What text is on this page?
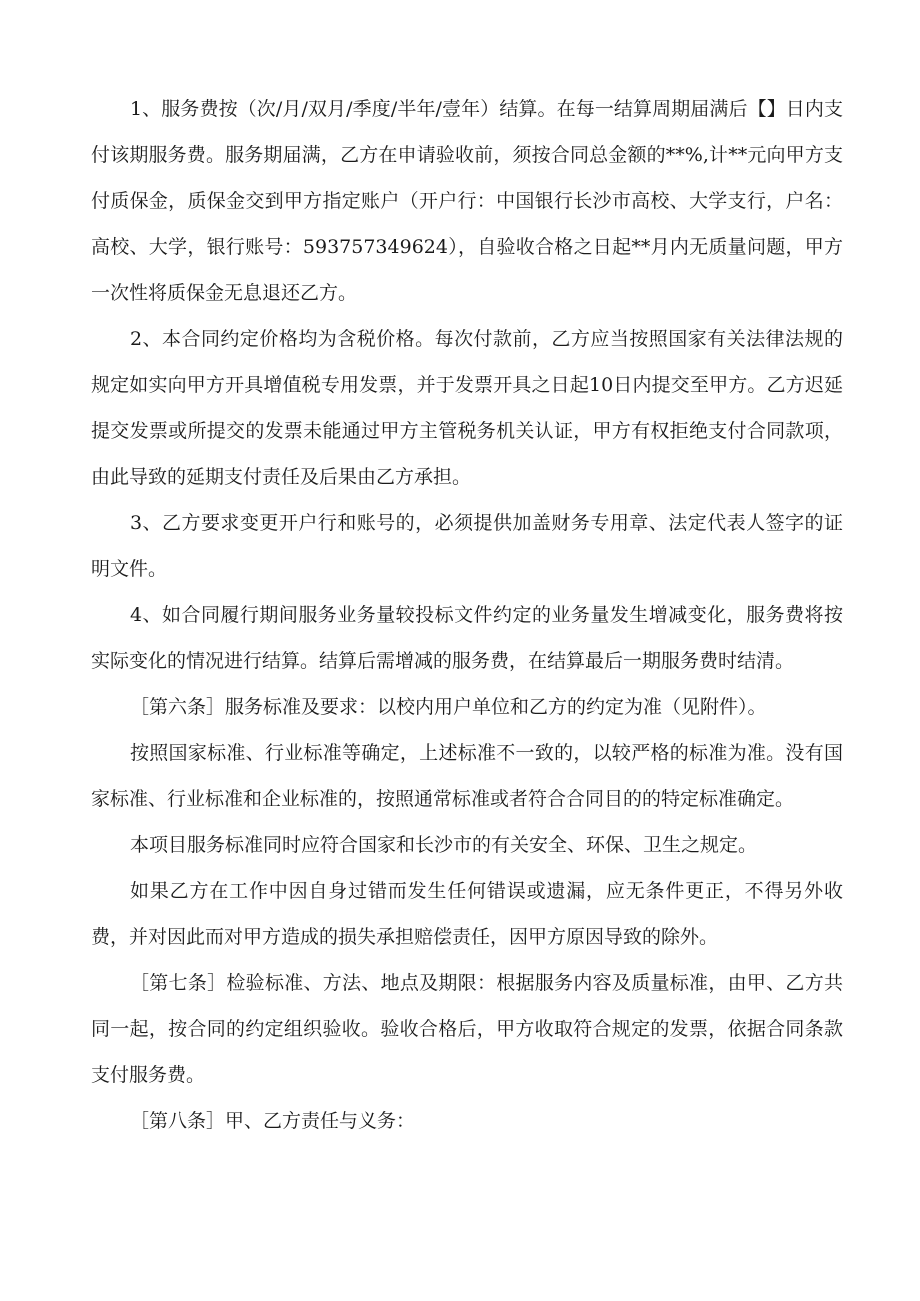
1、服务费按（次/月/双月/季度/半年/壹年）结算。在每一结算周期届满后【】日内支付该期服务费。服务期届满，乙方在申请验收前，须按合同总金额的**%,计**元向甲方支付质保金，质保金交到甲方指定账户（开户行：中国银行长沙市高校、大学支行，户名：高校、大学，银行账号：593757349624），自验收合格之日起**月内无质量问题，甲方一次性将质保金无息退还乙方。

2、本合同约定价格均为含税价格。每次付款前，乙方应当按照国家有关法律法规的规定如实向甲方开具增值税专用发票，并于发票开具之日起10日内提交至甲方。乙方迟延提交发票或所提交的发票未能通过甲方主管税务机关认证，甲方有权拒绝支付合同款项，由此导致的延期支付责任及后果由乙方承担。

3、乙方要求变更开户行和账号的，必须提供加盖财务专用章、法定代表人签字的证明文件。

4、如合同履行期间服务业务量较投标文件约定的业务量发生增减变化，服务费将按实际变化的情况进行结算。结算后需增减的服务费，在结算最后一期服务费时结清。

［第六条］服务标准及要求：以校内用户单位和乙方的约定为准（见附件）。

按照国家标准、行业标准等确定，上述标准不一致的，以较严格的标准为准。没有国家标准、行业标准和企业标准的，按照通常标准或者符合合同目的的特定标准确定。

本项目服务标准同时应符合国家和长沙市的有关安全、环保、卫生之规定。

如果乙方在工作中因自身过错而发生任何错误或遗漏，应无条件更正，不得另外收费，并对因此而对甲方造成的损失承担赔偿责任，因甲方原因导致的除外。

［第七条］检验标准、方法、地点及期限：根据服务内容及质量标准，由甲、乙方共同一起，按合同的约定组织验收。验收合格后，甲方收取符合规定的发票，依据合同条款支付服务费。

［第八条］甲、乙方责任与义务：
